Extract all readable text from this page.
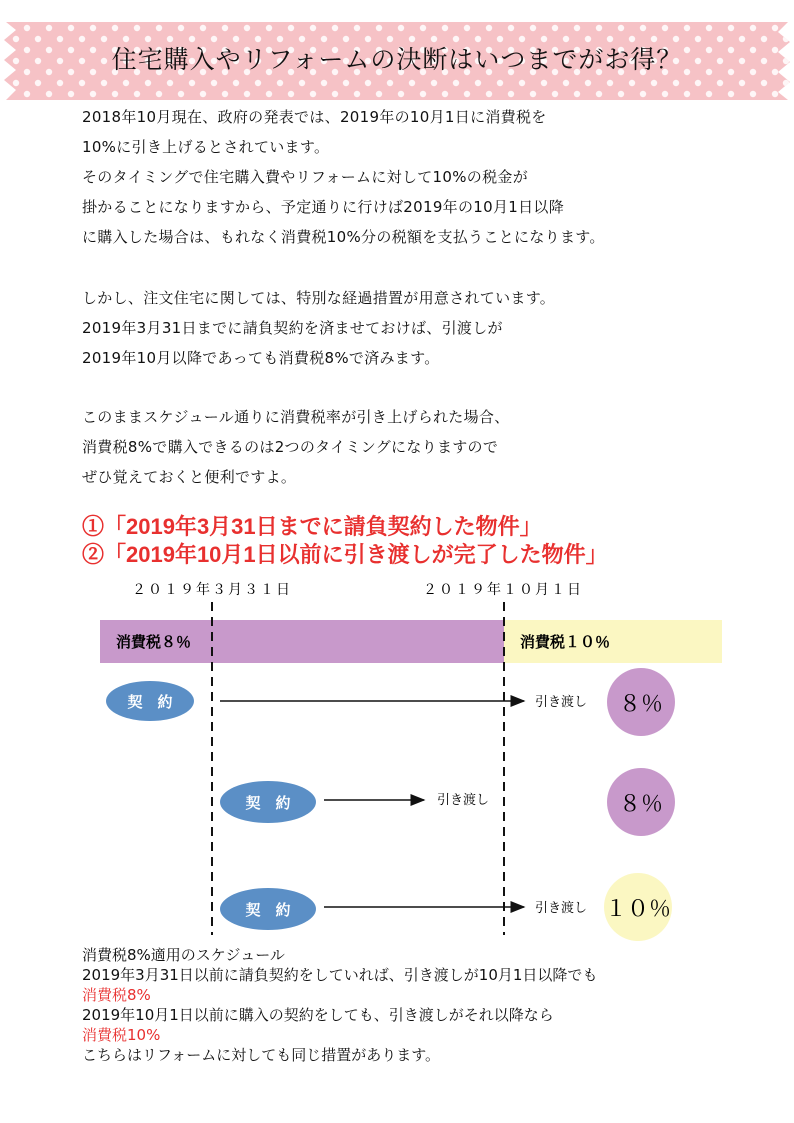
住宅購入やリフォームの決断はいつまでがお得？
2018年10月現在、政府の発表では、2019年の10月1日に消費税を
10%に引き上げるとされています。
そのタイミングで住宅購入費やリフォームに対して10%の税金が
掛かることになりますから、予定通りに行けば2019年の10月1日以降
に購入した場合は、もれなく消費税10%分の税額を支払うことになります。
しかし、注文住宅に関しては、特別な経過措置が用意されています。
2019年3月31日までに請負契約を済ませておけば、引渡しが
2019年10月以降であっても消費税8%で済みます。
このままスケジュール通りに消費税率が引き上げられた場合、
消費税8%で購入できるのは2つのタイミングになりますので
ぜひ覚えておくと便利ですよ。
①「2019年3月31日までに請負契約した物件」
②「2019年10月1日以前に引き渡しが完了した物件」
２０１９年３月３１日	２０１９年１０月１日
消費税８％	消費税１０％
契　約	引き渡し ８％
契　約	引き渡し	８％
契　約	引き渡し １０％
消費税8%適用のスケジュール
2019年3月31日以前に請負契約をしていれば、引き渡しが10月1日以降でも
消費税8%
2019年10月1日以前に購入の契約をしても、引き渡しがそれ以降なら
消費税10%
こちらはリフォームに対しても同じ措置があります。
